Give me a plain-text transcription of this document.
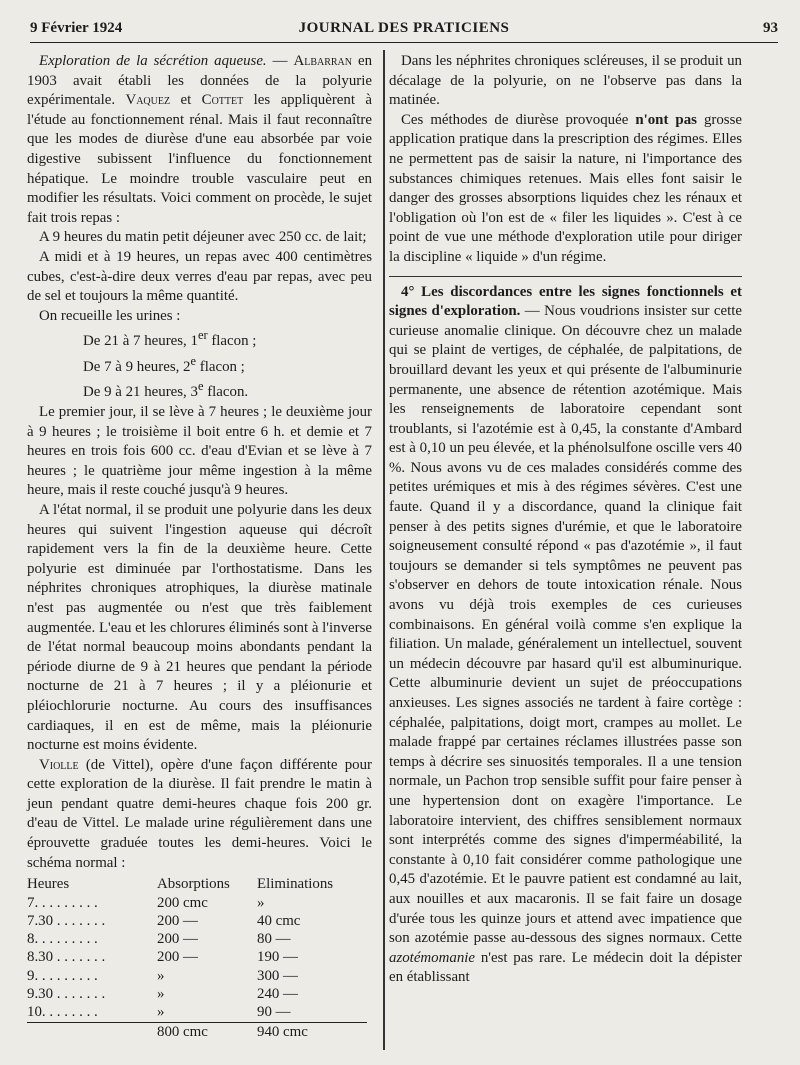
9 Février 1924	JOURNAL DES PRATICIENS	93

Exploration de la sécrétion aqueuse. — Albarran en 1903 avait établi les données de la polyurie expérimentale. Vaquez et Cottet les appliquèrent à l'étude au fonctionnement rénal. Mais il faut reconnaître que les modes de diurèse d'une eau absorbée par voie digestive subissent l'influence du fonctionnement hépatique. Le moindre trouble vasculaire peut en modifier les résultats. Voici comment on procède, le sujet fait trois repas :

A 9 heures du matin petit déjeuner avec 250 cc. de lait;

A midi et à 19 heures, un repas avec 400 centimètres cubes, c'est-à-dire deux verres d'eau par repas, avec peu de sel et toujours la même quantité.

On recueille les urines :

De 21 à 7 heures, 1er flacon ;
De 7 à 9 heures, 2e flacon ;
De 9 à 21 heures, 3e flacon.

Le premier jour, il se lève à 7 heures ; le deuxième jour à 9 heures ; le troisième il boit entre 6 h. et demie et 7 heures en trois fois 600 cc. d'eau d'Evian et se lève à 7 heures ; le quatrième jour même ingestion à la même heure, mais il reste couché jusqu'à 9 heures.

A l'état normal, il se produit une polyurie dans les deux heures qui suivent l'ingestion aqueuse qui décroît rapidement vers la fin de la deuxième heure. Cette polyurie est diminuée par l'orthostatisme. Dans les néphrites chroniques atrophiques, la diurèse matinale n'est pas augmentée ou n'est que très faiblement augmentée. L'eau et les chlorures éliminés sont à l'inverse de l'état normal beaucoup moins abondants pendant la période diurne de 9 à 21 heures que pendant la période nocturne de 21 à 7 heures ; il y a pléionurie et pléiochlorurie nocturne. Au cours des insuffisances cardiaques, il en est de même, mais la pléionurie nocturne est moins évidente.

Violle (de Vittel), opère d'une façon différente pour cette exploration de la diurèse. Il fait prendre le matin à jeun pendant quatre demi-heures chaque fois 200 gr. d'eau de Vittel. Le malade urine régulièrement dans une éprouvette graduée toutes les demi-heures. Voici le schéma normal :

Heures	Absorptions	Eliminations
7. . . . . . . . .	200 cmc	»
7.30 . . . . . . .	200 —	40 cmc
8. . . . . . . . .	200 —	80 —
8.30 . . . . . . .	200 —	190 —
9. . . . . . . . .	»	300 —
9.30 . . . . . . .	»	240 —
10. . . . . . . .	»	90 —
	800 cmc	940 cmc

Dans les néphrites chroniques scléreuses, il se produit un décalage de la polyurie, on ne l'observe pas dans la matinée.

Ces méthodes de diurèse provoquée n'ont pas grosse application pratique dans la prescription des régimes. Elles ne permettent pas de saisir la nature, ni l'importance des substances chimiques retenues. Mais elles font saisir le danger des grosses absorptions liquides chez les rénaux et l'obligation où l'on est de « filer les liquides ». C'est à ce point de vue une méthode d'exploration utile pour diriger la discipline « liquide » d'un régime.

4° Les discordances entre les signes fonctionnels et signes d'exploration. — Nous voudrions insister sur cette curieuse anomalie clinique. On découvre chez un malade qui se plaint de vertiges, de céphalée, de palpitations, de brouillard devant les yeux et qui présente de l'albuminurie permanente, une absence de rétention azotémique. Mais les renseignements de laboratoire cependant sont troublants, si l'azotémie est à 0,45, la constante d'Ambard est à 0,10 un peu élevée, et la phénolsulfone oscille vers 40 %. Nous avons vu de ces malades considérés comme des petites urémiques et mis à des régimes sévères. C'est une faute. Quand il y a discordance, quand la clinique fait penser à des petits signes d'urémie, et que le laboratoire soigneusement consulté répond « pas d'azotémie », il faut toujours se demander si tels symptômes ne peuvent pas s'observer en dehors de toute intoxication rénale. Nous avons vu déjà trois exemples de ces curieuses combinaisons. En général voilà comme s'en explique la filiation. Un malade, généralement un intellectuel, souvent un médecin découvre par hasard qu'il est albuminurique. Cette albuminurie devient un sujet de préoccupations anxieuses. Les signes associés ne tardent à faire cortège : céphalée, palpitations, doigt mort, crampes au mollet. Le malade frappé par certaines réclames illustrées passe son temps à décrire ses sinuosités temporales. Il a une tension normale, un Pachon trop sensible suffit pour faire penser à une hypertension dont on exagère l'importance. Le laboratoire intervient, des chiffres sensiblement normaux sont interprétés comme des signes d'imperméabilité, la constante à 0,10 fait considérer comme pathologique une 0,45 d'azotémie. Et le pauvre patient est condamné au lait, aux nouilles et aux macaronis. Il se fait faire un dosage d'urée tous les quinze jours et attend avec impatience que son azotémie passe au-dessous des signes normaux. Cette azotémomanie n'est pas rare. Le médecin doit la dépister en établissant
